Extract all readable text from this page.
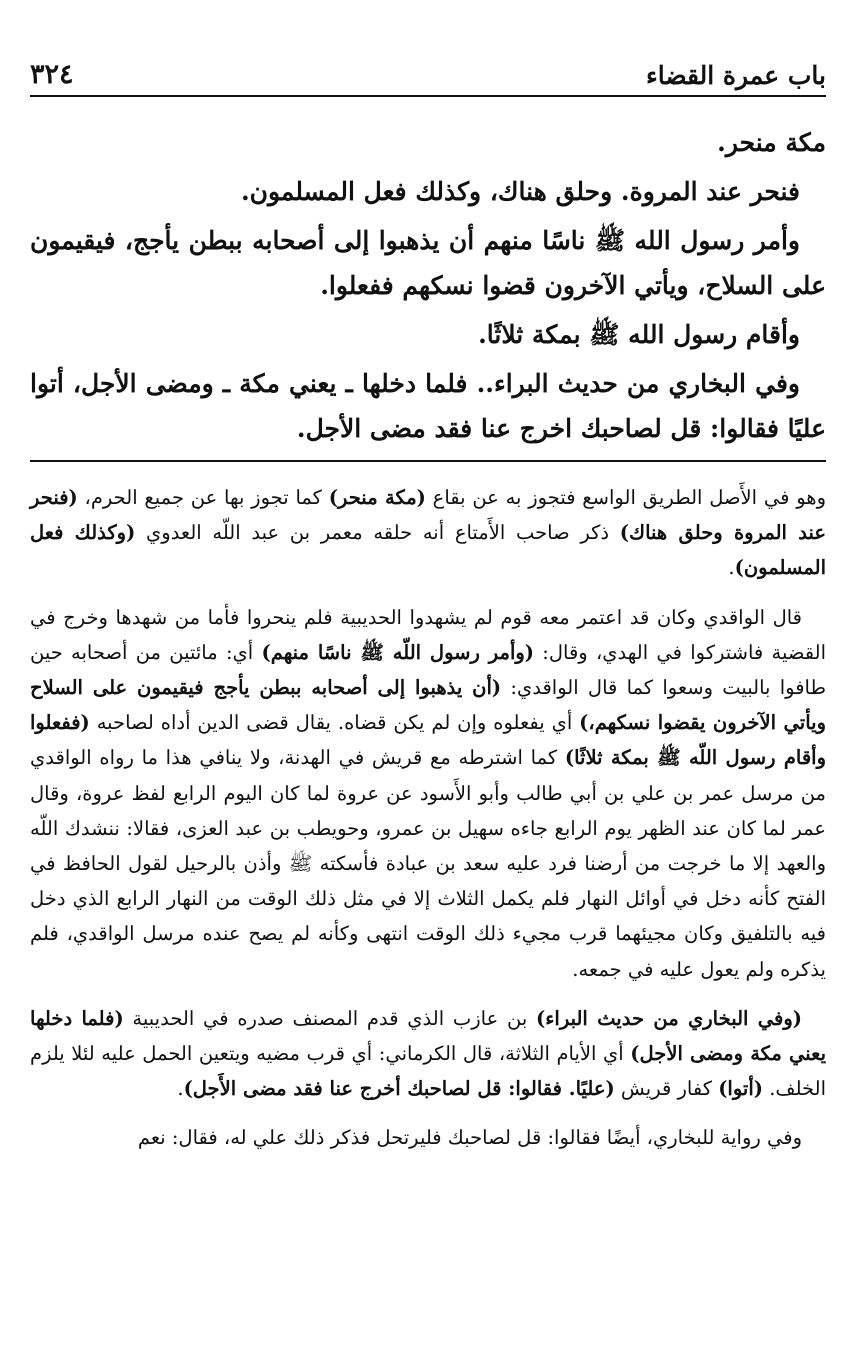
باب عمرة القضاء
٣٢٤

مكة منحر.

فنحر عند المروة. وحلق هناك، وكذلك فعل المسلمون.

وأمر رسول الله ﷺ ناسًا منهم أن يذهبوا إلى أصحابه ببطن يأجج، فيقيمون على السلاح، ويأتي الآخرون قضوا نسكهم ففعلوا.

وأقام رسول الله ﷺ بمكة ثلاثًا.

وفي البخاري من حديث البراء.. فلما دخلها ـ يعني مكة ـ ومضى الأجل، أتوا عليًا فقالوا: قل لصاحبك اخرج عنا فقد مضى الأجل.

وهو في الأَصل الطريق الواسع فتجوز به عن بقاع (مكة منحر) كما تجوز بها عن جميع الحرم، (فنحر عند المروة وحلق هناك) ذكر صاحب الأَمتاع أنه حلقه معمر بن عبد اللّه العدوي (وكذلك فعل المسلمون).

قال الواقدي وكان قد اعتمر معه قوم لم يشهدوا الحديبية فلم ينحروا فأما من شهدها وخرج في القضية فاشتركوا في الهدي، وقال: (وأمر رسول اللّه ﷺ ناسًا منهم) أي: مائتين من أصحابه حين طافوا بالبيت وسعوا كما قال الواقدي: (أن يذهبوا إلى أصحابه ببطن يأجج فيقيمون على السلاح ويأتي الآخرون يقضوا نسكهم،) أي يفعلوه وإن لم يكن قضاه. يقال قضى الدين أداه لصاحبه (ففعلوا وأقام رسول اللّه ﷺ بمكة ثلاثًا) كما اشترطه مع قريش في الهدنة، ولا ينافي هذا ما رواه الواقدي من مرسل عمر بن علي بن أبي طالب وأبو الأَسود عن عروة لما كان اليوم الرابع لفظ عروة، وقال عمر لما كان عند الظهر يوم الرابع جاءه سهيل بن عمرو، وحويطب بن عبد العزى، فقالا: ننشدك اللّه والعهد إلا ما خرجت من أرضنا فرد عليه سعد بن عبادة فأسكته ﷺ وأذن بالرحيل لقول الحافظ في الفتح كأنه دخل في أوائل النهار فلم يكمل الثلاث إلا في مثل ذلك الوقت من النهار الرابع الذي دخل فيه بالتلفيق وكان مجيئهما قرب مجيء ذلك الوقت انتهى وكأنه لم يصح عنده مرسل الواقدي، فلم يذكره ولم يعول عليه في جمعه.

(وفي البخاري من حديث البراء) بن عازب الذي قدم المصنف صدره في الحديبية (فلما دخلها يعني مكة ومضى الأجل) أي الأيام الثلاثة، قال الكرماني: أي قرب مضيه ويتعين الحمل عليه لئلا يلزم الخلف. (أتوا) كفار قريش (عليًا. فقالوا: قل لصاحبك أخرج عنا فقد مضى الأَجل).

وفي رواية للبخاري، أيضًا فقالوا: قل لصاحبك فليرتحل فذكر ذلك علي له، فقال: نعم
